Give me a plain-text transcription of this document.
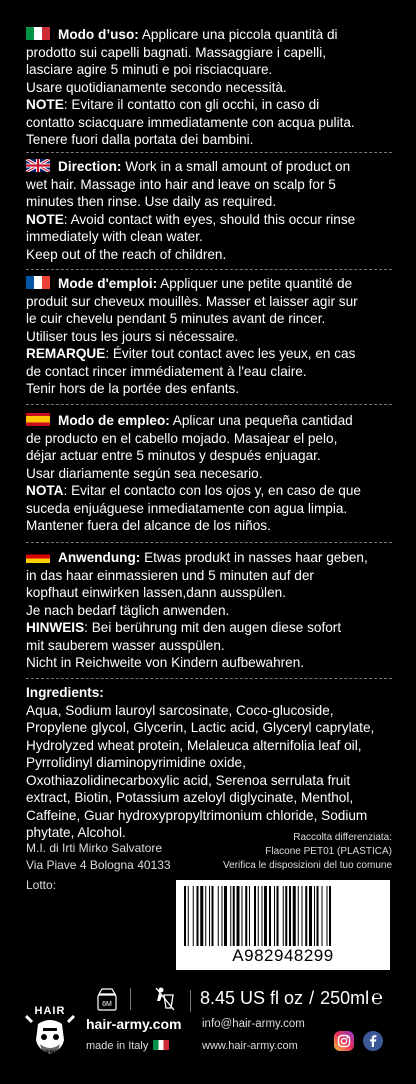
Modo d’uso: Applicare una piccola quantità di

prodotto sui capelli bagnati. Massaggiare i capelli,

lasciare agire 5 minuti e poi risciacquare.

Usare quotidianamente secondo necessità.

NOTE: Evitare il contatto con gli occhi, in caso di

contatto sciacquare immediatamente con acqua pulita.

Tenere fuori dalla portata dei bambini.

Direction: Work in a small amount of product on

wet hair. Massage into hair and leave on scalp for 5

minutes then rinse. Use daily as required.

NOTE: Avoid contact with eyes, should this occur rinse

immediately with clean water.

Keep out of the reach of children.

Mode d'emploi: Appliquer une petite quantité de

produit sur cheveux mouillès. Masser et laisser agir sur

le cuir chevelu pendant 5 minutes avant de rincer.

Utiliser tous les jours si nécessaire.

REMARQUE: Éviter tout contact avec les yeux, en cas

de contact rincer immédiatement à l'eau claire.

Tenir hors de la portée des enfants.

Modo de empleo: Aplicar una pequeña cantidad

de producto en el cabello mojado. Masajear el pelo,

déjar actuar entre 5 minutos y después enjuagar.

Usar diariamente según sea necesario.

NOTA: Evitar el contacto con los ojos y, en caso de que

suceda enjuáguese inmediatamente con agua limpia.

Mantener fuera del alcance de los niños.

Anwendung: Etwas produkt in nasses haar geben,

in das haar einmassieren und 5 minuten auf der

kopfhaut einwirken lassen,dann ausspülen.

Je nach bedarf täglich anwenden.

HINWEIS: Bei berührung mit den augen diese sofort

mit sauberem wasser ausspülen.

Nicht in Reichweite von Kindern aufbewahren.

Ingredients:

Aqua, Sodium lauroyl sarcosinate, Coco-glucoside,

Propylene glycol, Glycerin, Lactic acid, Glyceryl caprylate,

Hydrolyzed wheat protein, Melaleuca alternifolia leaf oil,

Pyrrolidinyl diaminopyrimidine oxide,

Oxothiazolidinecarboxylic acid, Serenoa serrulata fruit

extract, Biotin, Potassium azeloyl diglycinate, Menthol,

Caffeine, Guar hydroxypropyltrimonium chloride, Sodium

phytate, Alcohol.

M.I. di Irti Mirko Salvatore

Via Piave 4 Bologna 40133

Raccolta differenziata:

Flacone PET01 (PLASTICA)

Verifica le disposizioni del tuo comune

Lotto:
A982948299
HAIR
ARMY
6M	8.45 US fl oz / 250ml ℮
hair-army.com info@hair-army.com
made in Italy	www.hair-army.com
